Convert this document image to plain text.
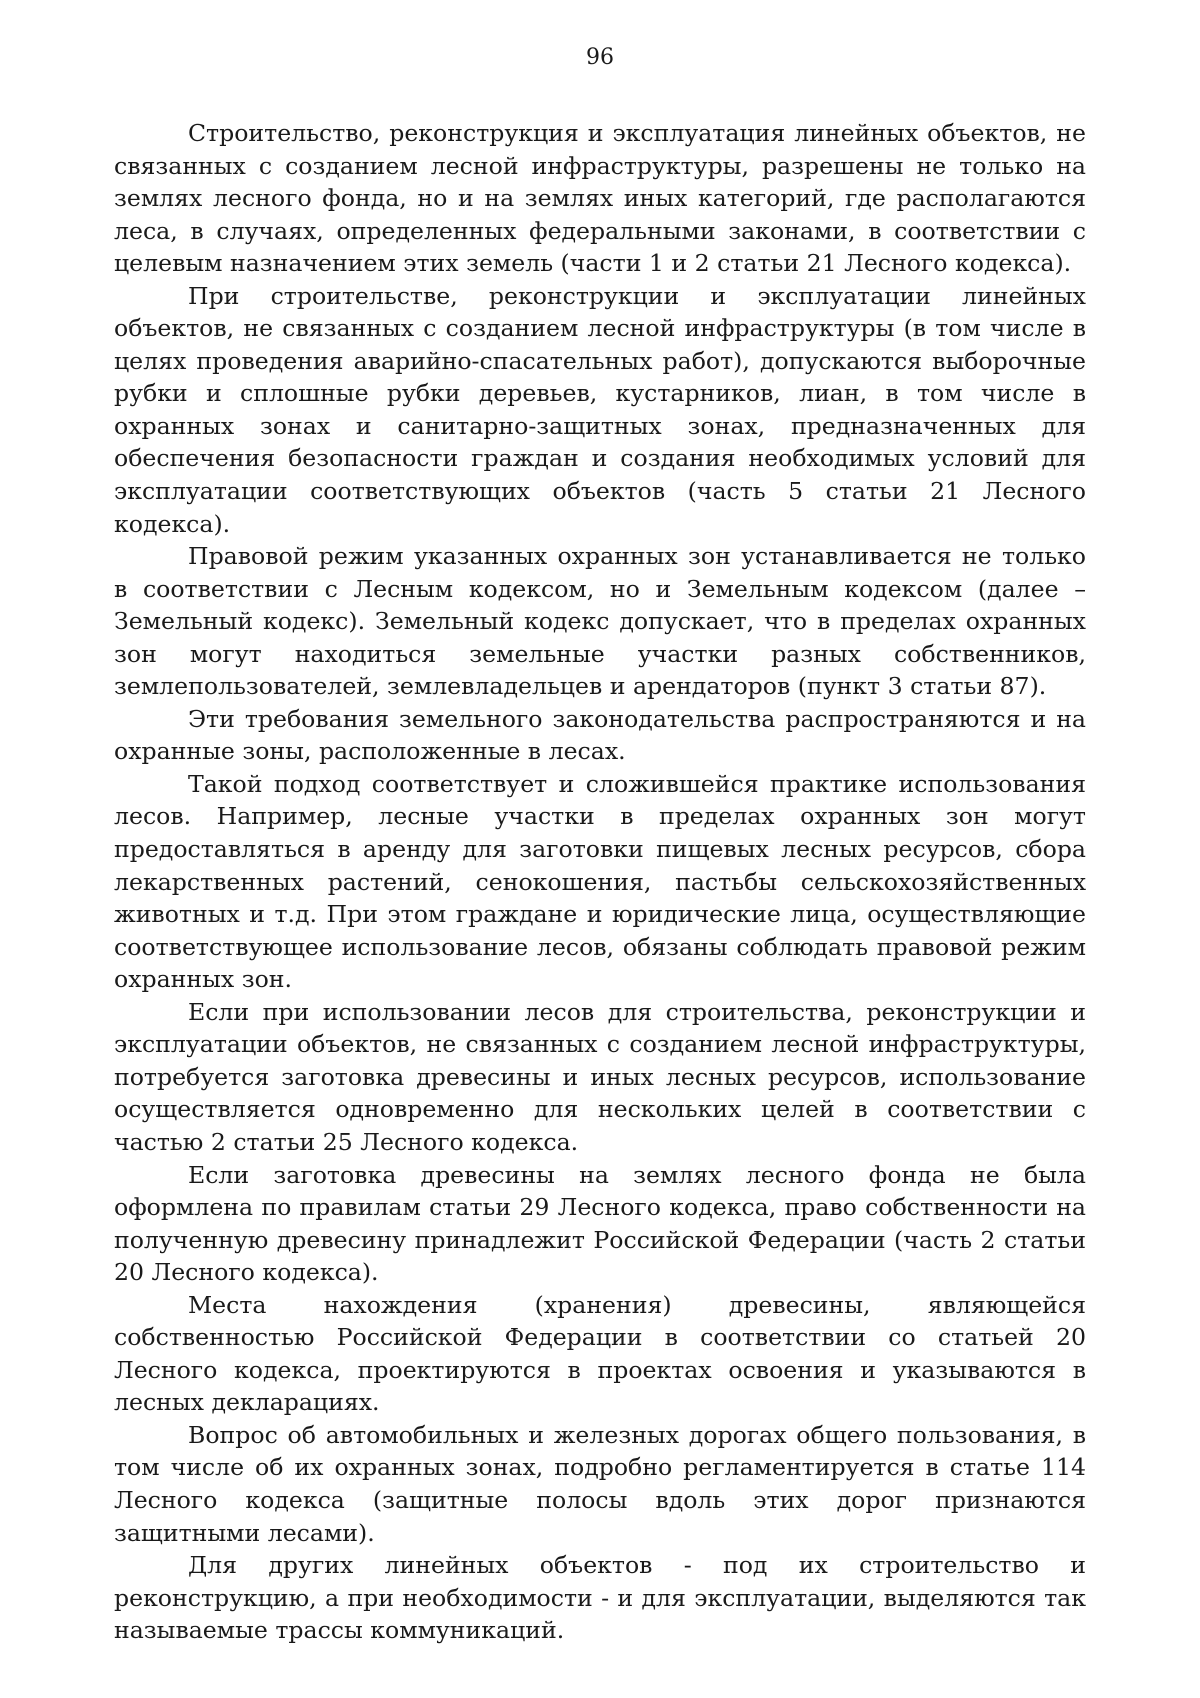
96

Строительство, реконструкция и эксплуатация линейных объектов, не связанных с созданием лесной инфраструктуры, разрешены не только на землях лесного фонда, но и на землях иных категорий, где располагаются леса, в случаях, определенных федеральными законами, в соответствии с целевым назначением этих земель (части 1 и 2 статьи 21 Лесного кодекса).

При строительстве, реконструкции и эксплуатации линейных объектов, не связанных с созданием лесной инфраструктуры (в том числе в целях проведения аварийно-спасательных работ), допускаются выборочные рубки и сплошные рубки деревьев, кустарников, лиан, в том числе в охранных зонах и санитарно-защитных зонах, предназначенных для обеспечения безопасности граждан и создания необходимых условий для эксплуатации соответствующих объектов (часть 5 статьи 21 Лесного кодекса).

Правовой режим указанных охранных зон устанавливается не только в соответствии с Лесным кодексом, но и Земельным кодексом (далее – Земельный кодекс). Земельный кодекс допускает, что в пределах охранных зон могут находиться земельные участки разных собственников, землепользователей, землевладельцев и арендаторов (пункт 3 статьи 87).

Эти требования земельного законодательства распространяются и на охранные зоны, расположенные в лесах.

Такой подход соответствует и сложившейся практике использования лесов. Например, лесные участки в пределах охранных зон могут предоставляться в аренду для заготовки пищевых лесных ресурсов, сбора лекарственных растений, сенокошения, пастьбы сельскохозяйственных животных и т.д. При этом граждане и юридические лица, осуществляющие соответствующее использование лесов, обязаны соблюдать правовой режим охранных зон.

Если при использовании лесов для строительства, реконструкции и эксплуатации объектов, не связанных с созданием лесной инфраструктуры, потребуется заготовка древесины и иных лесных ресурсов, использование осуществляется одновременно для нескольких целей в соответствии с частью 2 статьи 25 Лесного кодекса.

Если заготовка древесины на землях лесного фонда не была оформлена по правилам статьи 29 Лесного кодекса, право собственности на полученную древесину принадлежит Российской Федерации (часть 2 статьи 20 Лесного кодекса).

Места нахождения (хранения) древесины, являющейся собственностью Российской Федерации в соответствии со статьей 20 Лесного кодекса, проектируются в проектах освоения и указываются в лесных декларациях.

Вопрос об автомобильных и железных дорогах общего пользования, в том числе об их охранных зонах, подробно регламентируется в статье 114 Лесного кодекса (защитные полосы вдоль этих дорог признаются защитными лесами).

Для других линейных объектов - под их строительство и реконструкцию, а при необходимости - и для эксплуатации, выделяются так называемые трассы коммуникаций.
